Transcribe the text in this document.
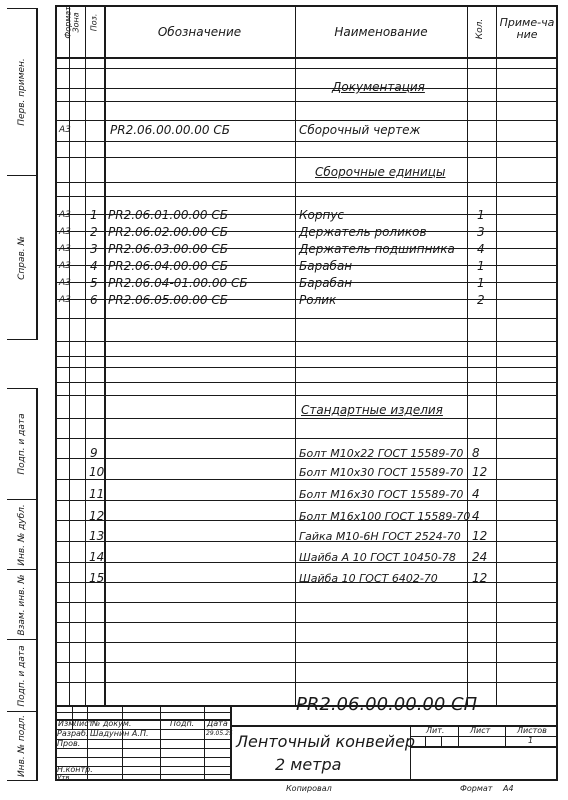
Перв. примен.
Справ. №
Подп. и дата
Инв. № дубл.
Взам. инв. №
Подп. и дата
Инв. № подл.
Формат Зона Поз.
Обозначение	Наименование	Кол. Приме-чание
Документация
Сборочные единицы
Стандартные изделия
А3	PR2.06.00.00.00 СБ	Сборочный чертеж
А3 1 PR2.06.01.00.00 СБ	Корпус	1
А3 2 PR2.06.02.00.00 СБ	Держатель роликов	3
А3 3 PR2.06.03.00.00 СБ	Держатель подшипника 4
А3 4 PR2.06.04.00.00 СБ	Барабан	1
А3 5 PR2.06.04-01.00.00 СБ	Барабан	1
А3 6 PR2.06.05.00.00 СБ	Ролик	2
9	Болт М10х22 ГОСТ 15589-70 8
10	Болт М10х30 ГОСТ 15589-70 12
11	Болт М16х30 ГОСТ 15589-70 4
12	Болт М16х100 ГОСТ 15589-70 4
13	Гайка М10-6Н ГОСТ 2524-70 12
14	Шайба А 10 ГОСТ 10450-78 24
15	Шайба 10 ГОСТ 6402-70	12
PR2.06.00.00.00 СП
Ленточный конвейер
2 метра
Изм.
Лист
№ докум.	Подп. Дата
Разраб. Шадунин А.П.	29.05.25
Пров.
Н.контр.
Утв.
Лит.	Лист	Листов
1
Копировал	Формат А4
